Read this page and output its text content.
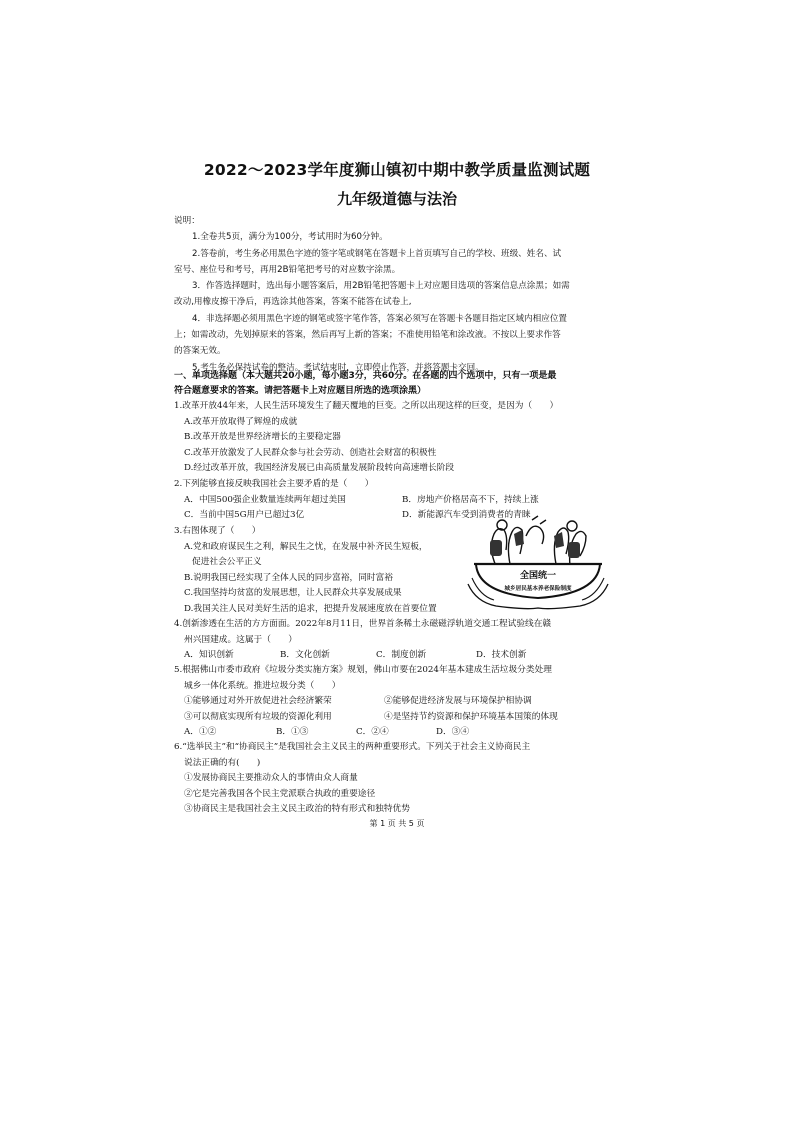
2022～2023学年度狮山镇初中期中教学质量监测试题
九年级道德与法治

说明：

1.全卷共5页，满分为100分，考试用时为60分钟。

2.答卷前，考生务必用黑色字迹的签字笔或钢笔在答题卡上首页填写自己的学校、班级、姓名、试

室号、座位号和考号，再用2B铅笔把考号的对应数字涂黑。

3．作答选择题时，选出每小题答案后，用2B铅笔把答题卡上对应题目选项的答案信息点涂黑；如需

改动,用橡皮擦干净后，再选涂其他答案，答案不能答在试卷上,

4．非选择题必须用黑色字迹的钢笔或签字笔作答，答案必须写在答题卡各题目指定区域内相应位置

上；如需改动，先划掉原来的答案，然后再写上新的答案；不准使用铅笔和涂改液。不按以上要求作答

的答案无效。

5.考生务必保持试卷的整洁。考试结束时，立即停止作答，并将答题卡交回。

一、单项选择题（本大题共20小题，每小题3分，共60分。在各题的四个选项中，只有一项是最

符合题意要求的答案。请把答题卡上对应题目所选的选项涂黑）

1.改革开放44年来，人民生活环境发生了翻天覆地的巨变。之所以出现这样的巨变，是因为（　　）

A.改革开放取得了辉煌的成就

B.改革开放是世界经济增长的主要稳定器

C.改革开放激发了人民群众参与社会劳动、创造社会财富的积极性

D.经过改革开放，我国经济发展已由高质量发展阶段转向高速增长阶段

2.下列能够直接反映我国社会主要矛盾的是（　　）

A．中国500强企业数量连续两年超过美国	B．房地产价格居高不下，持续上涨

C．当前中国5G用户已超过3亿	D．新能源汽车受到消费者的青睐

3.右图体现了（　　）

A.党和政府谋民生之利，解民生之忧，在发展中补齐民生短板，

促进社会公平正义

B.说明我国已经实现了全体人民的同步富裕，同时富裕

C.我国坚持均贫富的发展思想，让人民群众共享发展成果

D.我国关注人民对美好生活的追求，把提升发展速度放在首要位置

全国统一
城乡居民基本养老保险制度

4.创新渗透在生活的方方面面。2022年8月11日，世界首条稀土永磁磁浮轨道交通工程试验线在赣

州兴国建成。这属于（　　）

A．知识创新	B．文化创新	C．制度创新	D．技术创新

5.根据佛山市委市政府《垃圾分类实施方案》规划，佛山市要在2024年基本建成生活垃圾分类处理

城乡一体化系统。推进垃圾分类（　　）

①能够通过对外开放促进社会经济繁荣	②能够促进经济发展与环境保护相协调

③可以彻底实现所有垃圾的资源化利用	④是坚持节约资源和保护环境基本国策的体现

A．①②	B．①③	C．②④	D．③④

6.“选举民主”和“协商民主”是我国社会主义民主的两种重要形式。下列关于社会主义协商民主

说法正确的有(　　)

①发展协商民主要推动众人的事情由众人商量

②它是完善我国各个民主党派联合执政的重要途径

③协商民主是我国社会主义民主政治的特有形式和独特优势

第 1 页 共 5 页
